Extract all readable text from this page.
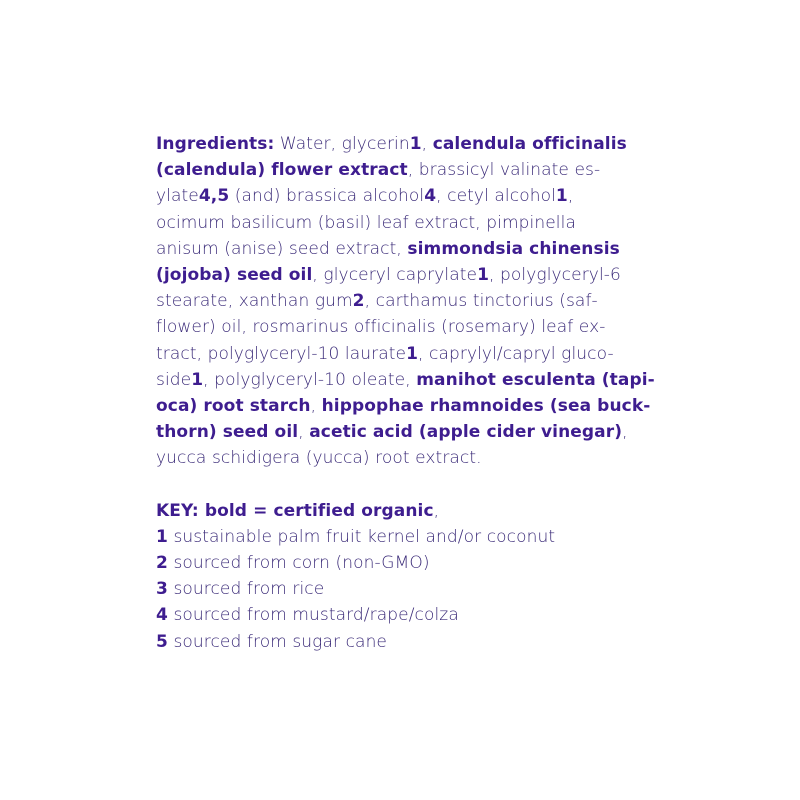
Ingredients: Water, glycerin1, calendula officinalis
(calendula) flower extract, brassicyl valinate es-
ylate4,5 (and) brassica alcohol4, cetyl alcohol1,
ocimum basilicum (basil) leaf extract, pimpinella
anisum (anise) seed extract, simmondsia chinensis
(jojoba) seed oil, glyceryl caprylate1, polyglyceryl-6
stearate, xanthan gum2, carthamus tinctorius (saf-
flower) oil, rosmarinus officinalis (rosemary) leaf ex-
tract, polyglyceryl-10 laurate1, caprylyl/capryl gluco-
side1, polyglyceryl-10 oleate, manihot esculenta (tapi-
oca) root starch, hippophae rhamnoides (sea buck-
thorn) seed oil, acetic acid (apple cider vinegar),
yucca schidigera (yucca) root extract.

KEY: bold = certified organic,
1 sustainable palm fruit kernel and/or coconut
2 sourced from corn (non-GMO)
3 sourced from rice
4 sourced from mustard/rape/colza
5 sourced from sugar cane
